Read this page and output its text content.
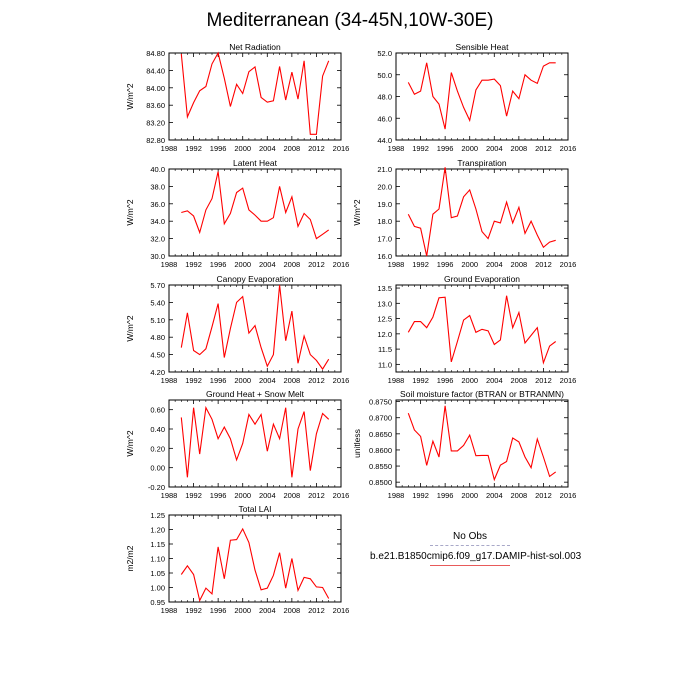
Mediterranean (34-45N,10W-30E)
Net Radiation
1988 1992 1996 2000 2004 2008 2012 2016
82.80
83.20
83.60
84.00
84.40
84.80
W/m^2
Sensible Heat
1988 1992 1996 2000 2004 2008 2012 2016
44.0
46.0
48.0
50.0
52.0
Latent Heat
1988 1992 1996 2000 2004 2008 2012 2016
30.0
32.0
34.0
36.0
38.0
40.0
W/m^2
Transpiration
1988 1992 1996 2000 2004 2008 2012 2016
16.0
17.0
18.0
19.0
20.0
21.0
W/m^2
Canopy Evaporation
1988 1992 1996 2000 2004 2008 2012 2016
4.20
4.50
4.80
5.10
5.40
5.70
W/m^2
Ground Evaporation
1988 1992 1996 2000 2004 2008 2012 2016
11.0
11.5
12.0
12.5
13.0
13.5
Ground Heat + Snow Melt
1988 1992 1996 2000 2004 2008 2012 2016
-0.20
0.00
0.20
0.40
0.60
W/m^2
Soil moisture factor (BTRAN or BTRANMN)
1988 1992 1996 2000 2004 2008 2012 2016
0.8500
0.8550
0.8600
0.8650
0.8700
0.8750
unitless
Total LAI
1988 1992 1996 2000 2004 2008 2012 2016
0.95
1.00
1.05
1.10
1.15
1.20
1.25
m2/m2
No Obs
b.e21.B1850cmip6.f09_g17.DAMIP-hist-sol.003
